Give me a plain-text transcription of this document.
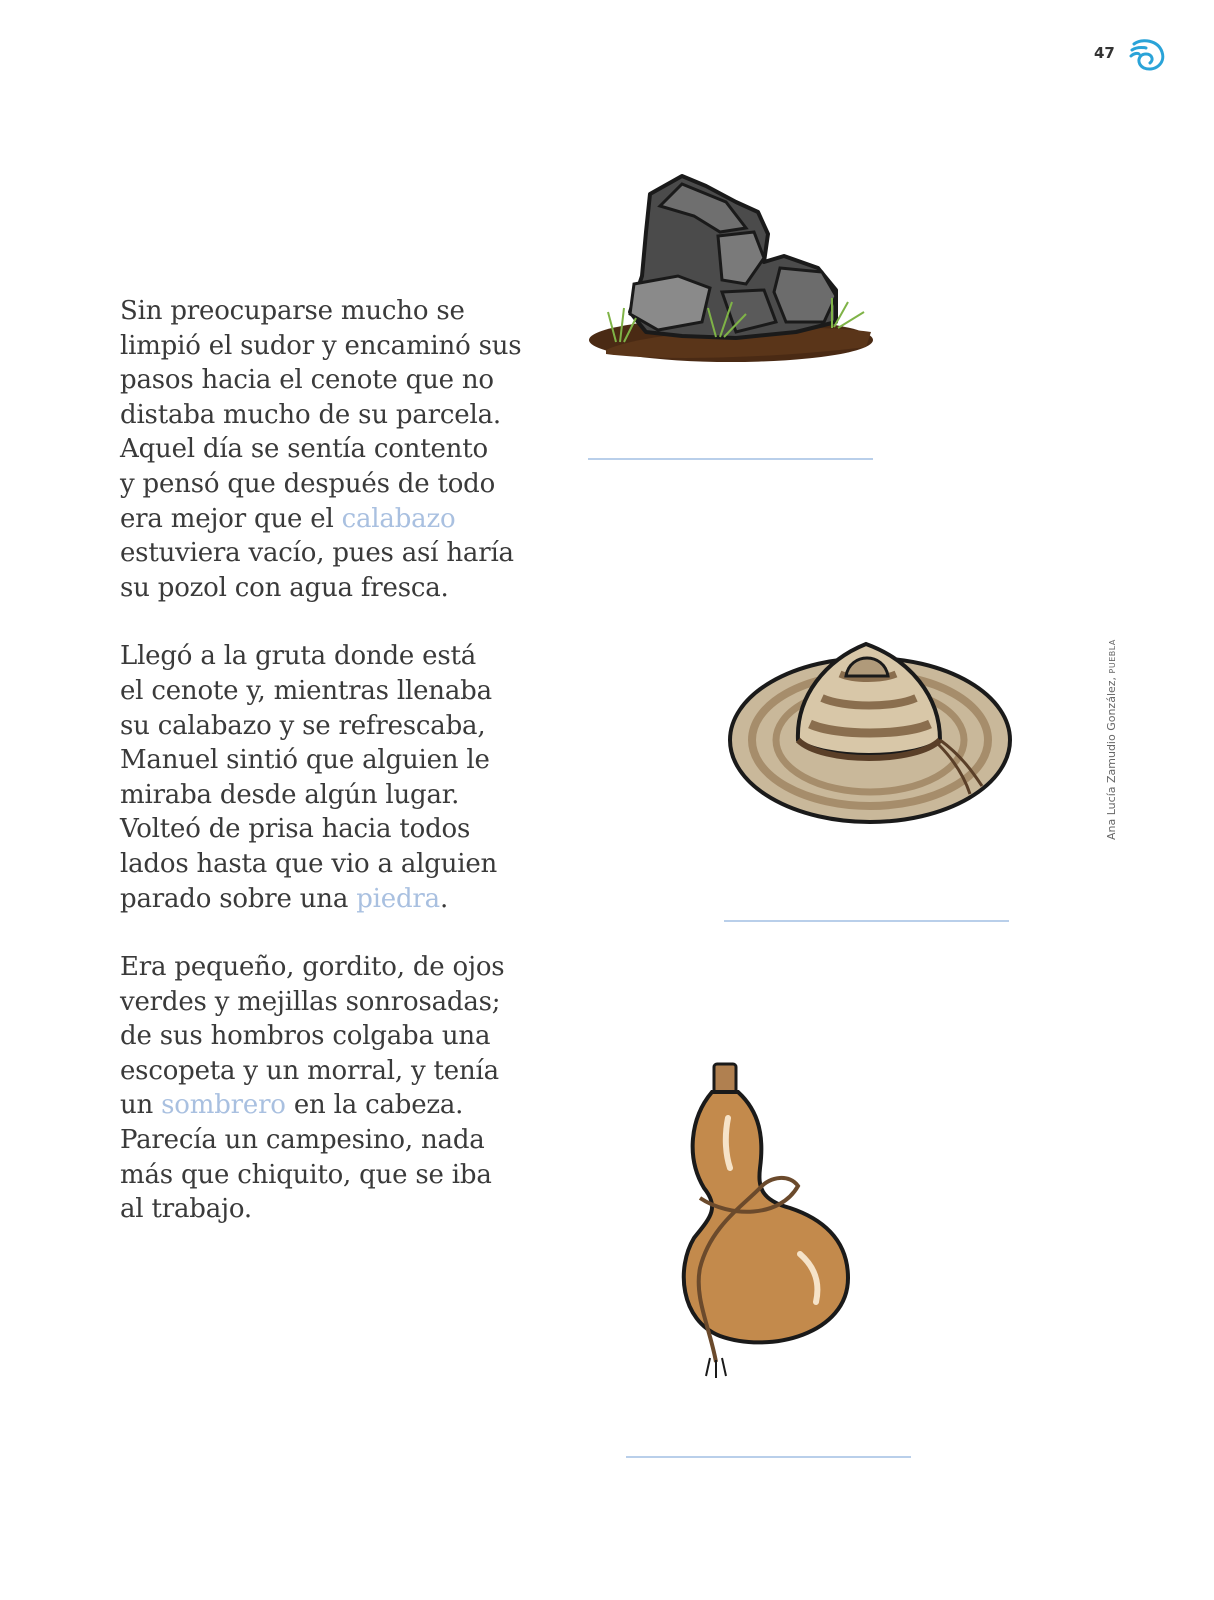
47

Sin preocuparse mucho se
limpió el sudor y encaminó sus
pasos hacia el cenote que no
distaba mucho de su parcela.
Aquel día se sentía contento
y pensó que después de todo
era mejor que el calabazo
estuviera vacío, pues así haría
su pozol con agua fresca.

Llegó a la gruta donde está
el cenote y, mientras llenaba
su calabazo y se refrescaba,
Manuel sintió que alguien le
miraba desde algún lugar.
Volteó de prisa hacia todos
lados hasta que vio a alguien
parado sobre una piedra.

Era pequeño, gordito, de ojos
verdes y mejillas sonrosadas;
de sus hombros colgaba una
escopeta y un morral, y tenía
un sombrero en la cabeza.
Parecía un campesino, nada
más que chiquito, que se iba
al trabajo.

Ana Lucía Zamudio González, PUEBLA
